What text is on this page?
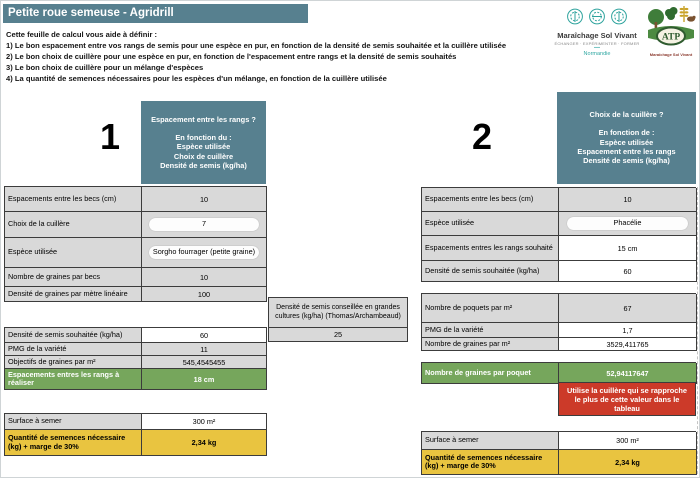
Petite roue semeuse - Agridrill

Cette feuille de calcul vous aide à définir :

1) Le bon espacement entre vos rangs de semis pour une espèce en pur, en fonction de la densité de semis souhaitée et la cuillère utilisée

2) Le bon choix de cuillère pour une espèce en pur, en fonction de l'espacement entre rangs et la densité de semis souhaités

3) Le bon choix de cuillère pour un mélange d'espèces

4) La quantité de semences nécessaires pour les espèces d'un mélange, en fonction de la cuillère utilisée

Maraîchage Sol Vivant
ÉCHANGER · EXPÉRIMENTER · FORMER
—
Normandie
ATP
Maraîchage Sol Vivant
1	2
Espacement entre les rangs ?
En fonction du :
Espèce utilisée
Choix de cuillère
Densité de semis (kg/ha)
Choix de la cuillère ?
En fonction de :
Espèce utilisée
Espacement entre les rangs
Densité de semis (kg/ha)
Espacements entre les becs (cm)	10
Choix de la cuillère	7
Espèce utilisée	Sorgho fourrager (petite graine)
Nombre de graines par becs	10
Densité de graines par mètre linéaire	100
Densité de semis conseillée en grandes cultures (kg/ha) (Thomas/Archambeaud)
25
Densité de semis souhaitée (kg/ha)	60
PMG de la variété	11
Objectifs de graines par m²	545,4545455
Espacements entres les rangs à réaliser	18 cm
Surface à semer	300 m²
Quantité de semences nécessaire (kg) + marge de 30%	2,34 kg
Espacements entre les becs (cm)	10
Espèce utilisée	Phacélie
Espacements entres les rangs souhaité	15 cm
Densité de semis souhaitée (kg/ha)	60
Nombre de poquets par m²	67
PMG de la variété	1,7
Nombre de graines par m²	3529,411765
Nombre de graines par poquet	52,94117647
Utilise la cuillère qui se rapproche le plus de cette valeur dans le tableau
Surface à semer	300 m²
Quantité de semences nécessaire (kg) + marge de 30%	2,34 kg
